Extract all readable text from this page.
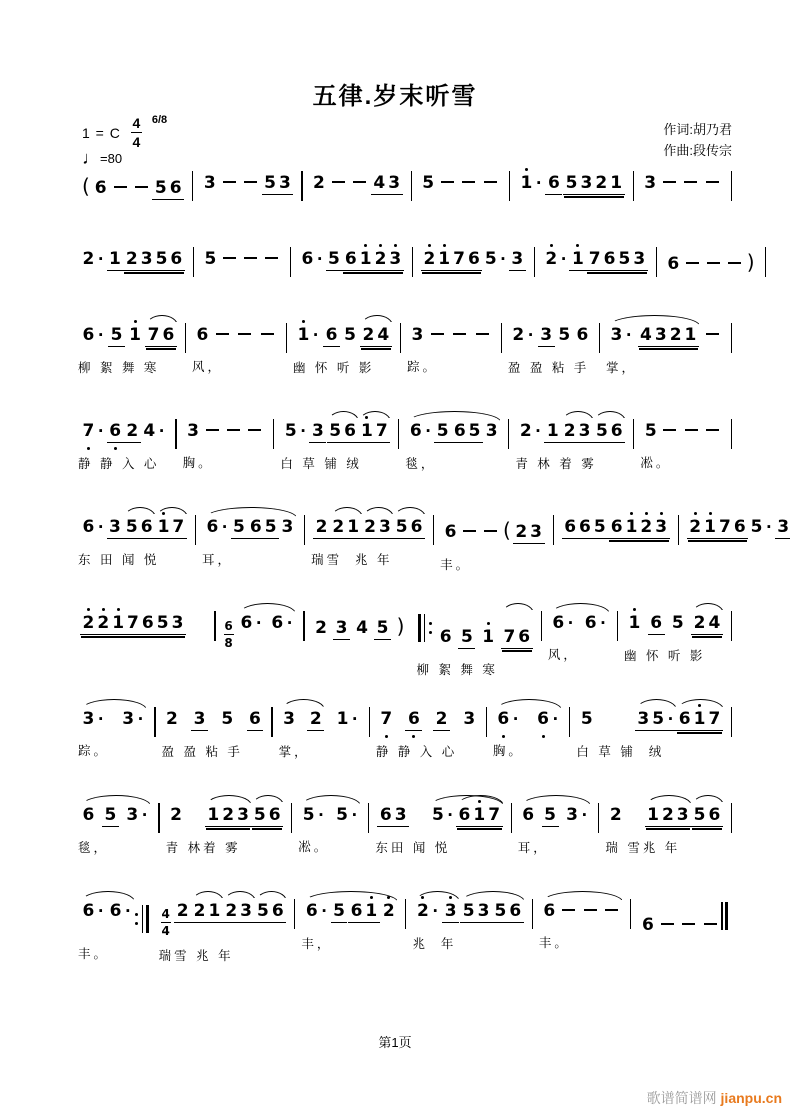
五律.岁末听雪
1 = C
4
4
6/8
♩ =80
作词:胡乃君
作曲:段传宗
( 6	5 6 3	5 3 2	4 3 5	1 · 6 5 3 2 1 3
2 · 1 2 3 5 6 5	6 · 5 6 1 2 3 2 1 7 6 5 · 3 2 · 1 7 6 5 3 6	)
6 · 5 1 7 6
柳 絮 舞 寒
6
风，
1 · 6 5 2 4
幽 怀 听 影
3
踪。
2 · 3 5 6
盈 盈 粘 手
3 · 4 3 2 1
掌，
7 · 6 2 4 ·
静 静 入 心
3
胸。
5 · 3 5 6 1 7
白 草 铺 绒
6 · 5 6 5 3
毯，
2 · 1 2 3 5 6
青 林 着 雾
5
凇。
6 · 3 5 6 1 7
东 田 闻 悦
6 · 5 6 5 3
耳，
2 2 1 2 3 5 6
瑞雪  兆 年
6 ( 2 3
丰。
6 6 5 6 1 2 3 2 1 7 6 5 · 3
2 2 1 7 6 5 3	6
8
6 · 6 · 2 3 4 5 ) 6 5 1 7 6
柳 絮 舞 寒
6 · 6 ·
风，
1 6 5 2 4
幽 怀 听 影
3 · 3 ·
踪。
2 3 5 6
盈 盈 粘 手
3 2 1 ·
掌，
7 6 2 3
静 静 入 心
6 · 6 ·
胸。
5	3 5 · 6 1 7
白 草 铺  绒
6 5 3 ·
毯，
2 1 2 3 5 6
青 林着 雾
5 · 5 ·
凇。
6 3 5 · 6 1 7
东田 闻 悦
6 5 3 ·
耳，
2 1 2 3 5 6
瑞 雪兆 年
6 · 6 ·
丰。
4
4
2 2 1 2 3 5 6
瑞雪 兆 年
6 · 5 6 1 2
丰，
2 · 3 5 3 5 6
兆  年
6
丰。
6
第1页
歌谱简谱网 jianpu.cn
